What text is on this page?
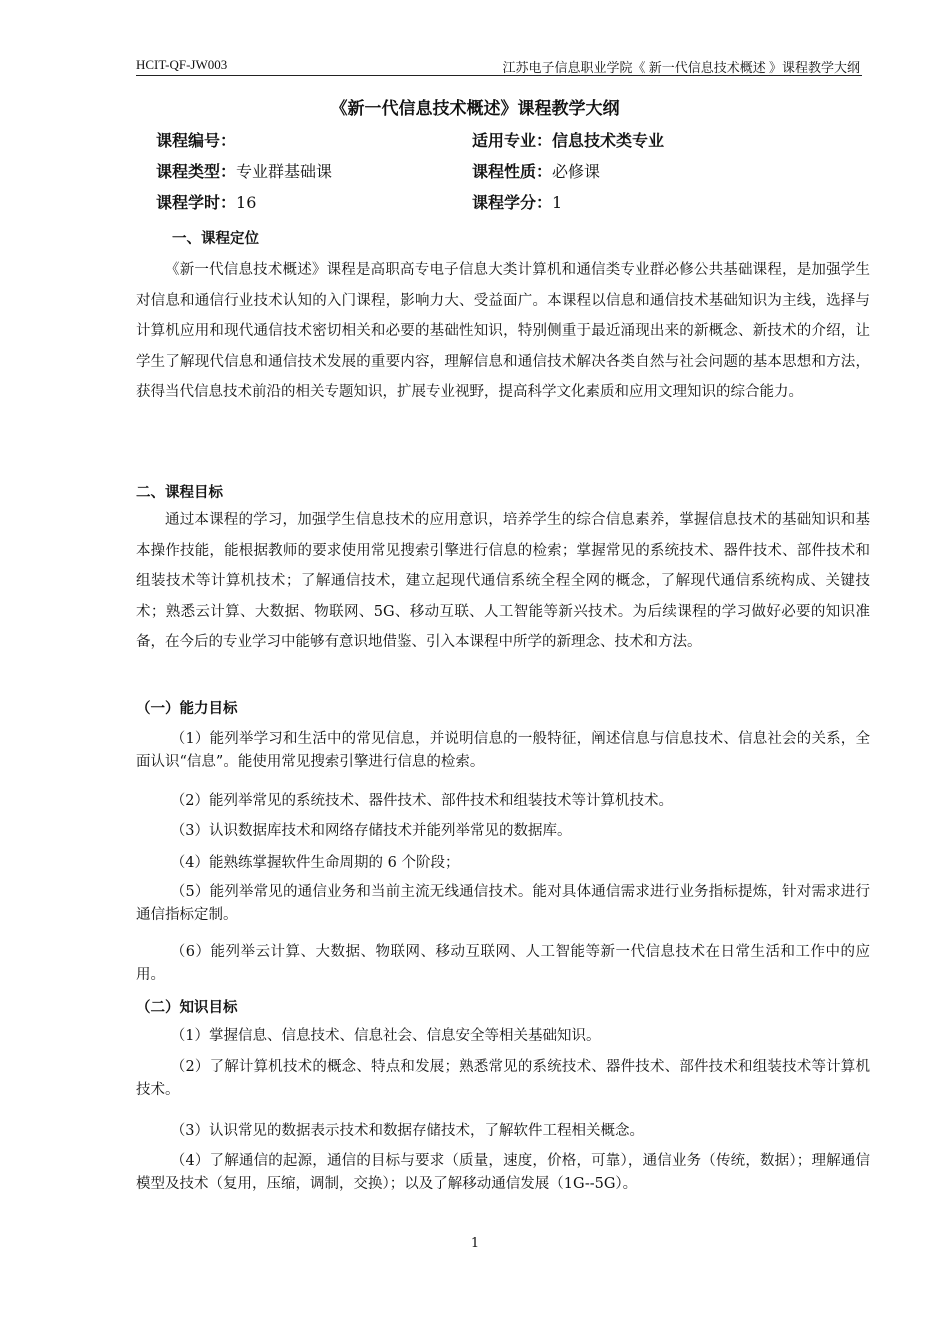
HCIT-QF-JW003	江苏电子信息职业学院《 新一代信息技术概述 》课程教学大纲
《新一代信息技术概述》课程教学大纲
课程编号：	适用专业：信息技术类专业
课程类型：专业群基础课	课程性质：必修课
课程学时：16	课程学分：1
一、课程定位

《新一代信息技术概述》课程是高职高专电子信息大类计算机和通信类专业群必修公共基础课程，是加强学生对信息和通信行业技术认知的入门课程，影响力大、受益面广。本课程以信息和通信技术基础知识为主线，选择与计算机应用和现代通信技术密切相关和必要的基础性知识，特别侧重于最近涌现出来的新概念、新技术的介绍，让学生了解现代信息和通信技术发展的重要内容，理解信息和通信技术解决各类自然与社会问题的基本思想和方法，获得当代信息技术前沿的相关专题知识，扩展专业视野，提高科学文化素质和应用文理知识的综合能力。

二、课程目标

通过本课程的学习，加强学生信息技术的应用意识，培养学生的综合信息素养，掌握信息技术的基础知识和基本操作技能，能根据教师的要求使用常见搜索引擎进行信息的检索；掌握常见的系统技术、器件技术、部件技术和组装技术等计算机技术；了解通信技术，建立起现代通信系统全程全网的概念，了解现代通信系统构成、关键技术；熟悉云计算、大数据、物联网、5G、移动互联、人工智能等新兴技术。为后续课程的学习做好必要的知识准备，在今后的专业学习中能够有意识地借鉴、引入本课程中所学的新理念、技术和方法。

（一）能力目标

（1）能列举学习和生活中的常见信息，并说明信息的一般特征，阐述信息与信息技术、信息社会的关系，全面认识“信息”。能使用常见搜索引擎进行信息的检索。

（2）能列举常见的系统技术、器件技术、部件技术和组装技术等计算机技术。

（3）认识数据库技术和网络存储技术并能列举常见的数据库。

（4）能熟练掌握软件生命周期的 6 个阶段；

（5）能列举常见的通信业务和当前主流无线通信技术。能对具体通信需求进行业务指标提炼，针对需求进行通信指标定制。

（6）能列举云计算、大数据、物联网、移动互联网、人工智能等新一代信息技术在日常生活和工作中的应用。

（二）知识目标

（1）掌握信息、信息技术、信息社会、信息安全等相关基础知识。

（2）了解计算机技术的概念、特点和发展；熟悉常见的系统技术、器件技术、部件技术和组装技术等计算机技术。

（3）认识常见的数据表示技术和数据存储技术，了解软件工程相关概念。

（4）了解通信的起源，通信的目标与要求（质量，速度，价格，可靠），通信业务（传统，数据）；理解通信模型及技术（复用，压缩，调制，交换）；以及了解移动通信发展（1G--5G）。

1
